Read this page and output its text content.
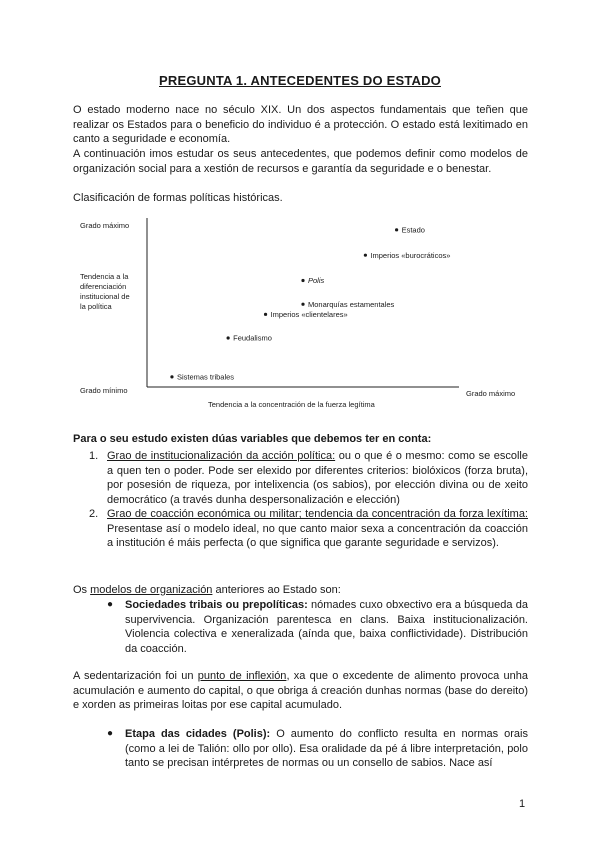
PREGUNTA 1. ANTECEDENTES DO ESTADO

O estado moderno nace no século XIX. Un dos aspectos fundamentais que teñen que realizar os Estados para o beneficio do individuo é a protección. O estado está lexitimado en canto a seguridade e economía.

A continuación imos estudar os seus antecedentes, que podemos definir como modelos de organización social para a xestión de recursos e garantía da seguridade e o benestar.

Clasificación de formas políticas históricas.

Grado máximo
Tendencia a la
diferenciación
institucional de
la política
Grado mínimo
Tendencia a la concentración de la fuerza legítima
Grado máximo
Estado
Imperios «burocráticos»
Polis
Monarquías estamentales
Imperios «clientelares»
Feudalismo
Sistemas tribales

Para o seu estudo existen dúas variables que debemos ter en conta:

1. Grao de institucionalización da acción política: ou o que é o mesmo: como se escolle a quen ten o poder. Pode ser elexido por diferentes criterios: biolóxicos (forza bruta), por posesión de riqueza, por intelixencia (os sabios), por elección divina ou de xeito democrático (a través dunha despersonalización e elección)
2. Grao de coacción económica ou militar; tendencia da concentración da forza lexítima: Presentase así o modelo ideal, no que canto maior sexa a concentración da coacción a institución é máis perfecta (o que significa que garante seguridade e servizos).

Os modelos de organización anteriores ao Estado son:

● Sociedades tribais ou prepolíticas: nómades cuxo obxectivo era a búsqueda da supervivencia. Organización parentesca en clans. Baixa institucionalización. Violencia colectiva e xeneralizada (aínda que, baixa conflictividade). Distribución da coacción.

A sedentarización foi un punto de inflexión, xa que o excedente de alimento provoca unha acumulación e aumento do capital, o que obriga á creación dunhas normas (base do dereito) e xorden as primeiras loitas por ese capital acumulado.

● Etapa das cidades (Polis): O aumento do conflicto resulta en normas orais (como a lei de Talión: ollo por ollo). Esa oralidade da pé á libre interpretación, polo tanto se precisan intérpretes de normas ou un consello de sabios. Nace así
1
